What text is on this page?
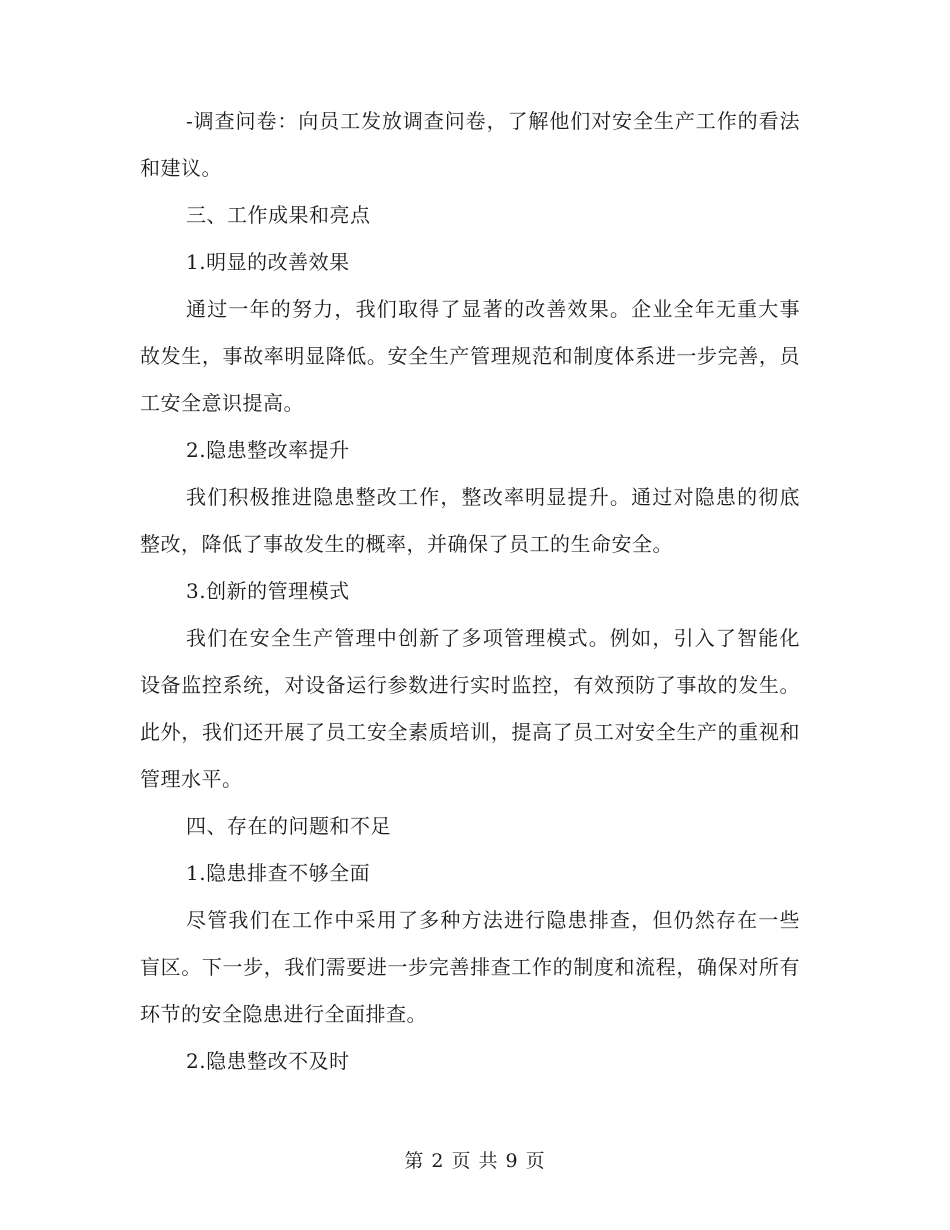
-调查问卷：向员工发放调查问卷，了解他们对安全生产工作的看法和建议。

三、工作成果和亮点

1.明显的改善效果

通过一年的努力，我们取得了显著的改善效果。企业全年无重大事故发生，事故率明显降低。安全生产管理规范和制度体系进一步完善，员工安全意识提高。

2.隐患整改率提升

我们积极推进隐患整改工作，整改率明显提升。通过对隐患的彻底整改，降低了事故发生的概率，并确保了员工的生命安全。

3.创新的管理模式

我们在安全生产管理中创新了多项管理模式。例如，引入了智能化设备监控系统，对设备运行参数进行实时监控，有效预防了事故的发生。此外，我们还开展了员工安全素质培训，提高了员工对安全生产的重视和管理水平。

四、存在的问题和不足

1.隐患排查不够全面

尽管我们在工作中采用了多种方法进行隐患排查，但仍然存在一些盲区。下一步，我们需要进一步完善排查工作的制度和流程，确保对所有环节的安全隐患进行全面排查。

2.隐患整改不及时

第 2 页 共 9 页
